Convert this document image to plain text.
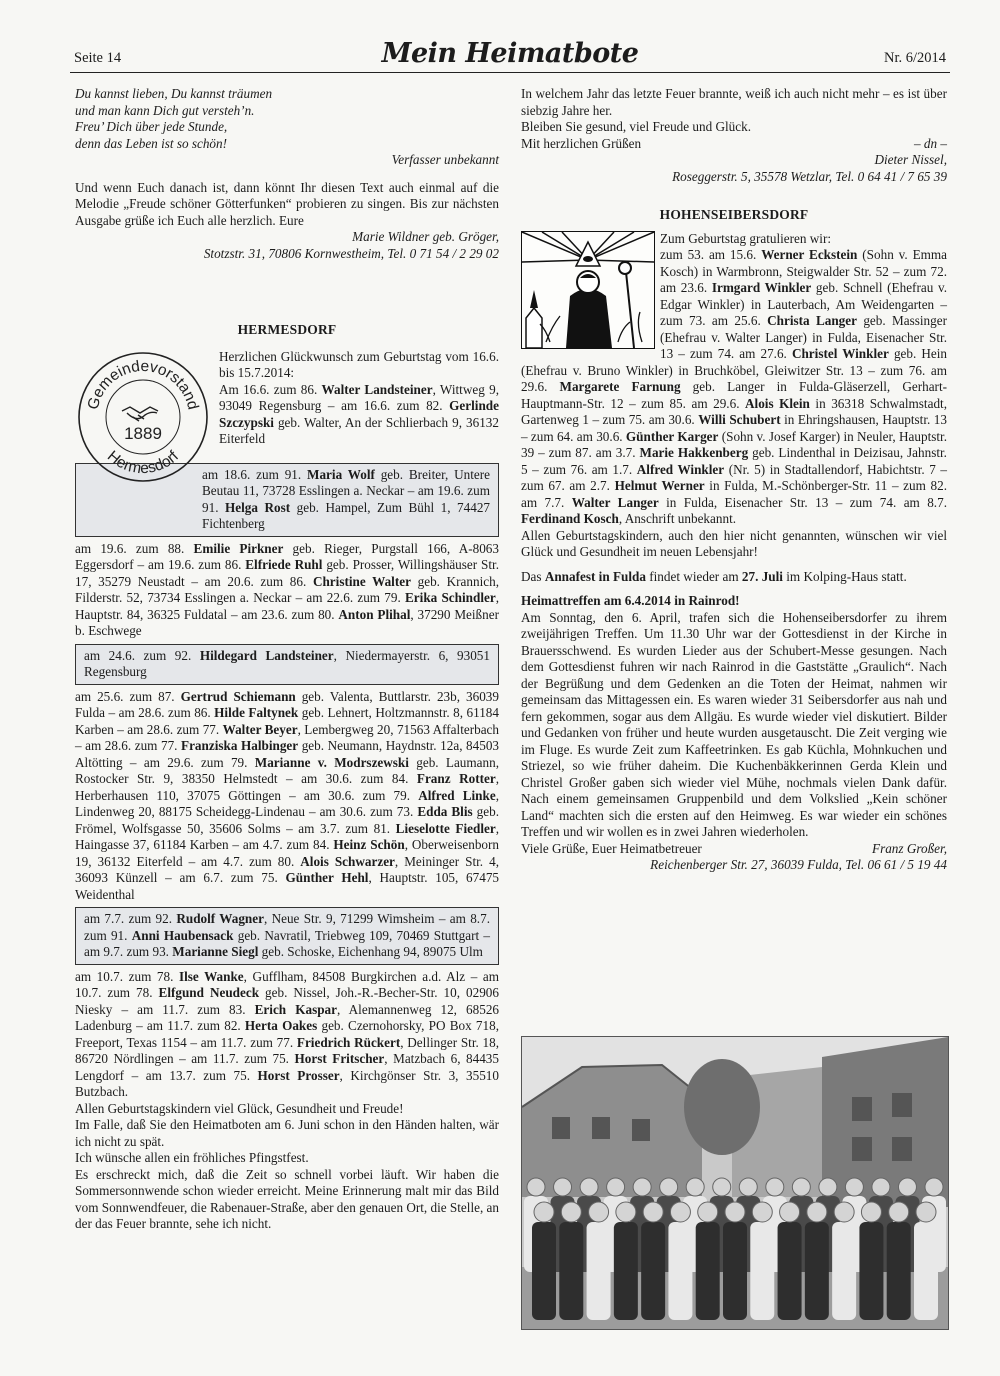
Seite 14	Mein Heimatbote	Nr. 6/2014

Du kannst lieben, Du kannst träumen

und man kann Dich gut versteh’n.

Freu’ Dich über jede Stunde,

denn das Leben ist so schön!

Verfasser unbekannt

Und wenn Euch danach ist, dann könnt Ihr diesen Text auch einmal auf die Melodie „Freude schöner Götterfunken“ probieren zu singen. Bis zur nächsten Ausgabe grüße ich Euch alle herzlich. Eure

Marie Wildner geb. Gröger,

Stotzstr. 31, 70806 Kornwestheim, Tel. 0 71 54 / 2 29 02

HERMESDORF

Gemeindevorstand
Hermesdorf
1889

Herzlichen Glückwunsch zum Geburtstag vom 16.6. bis 15.7.2014:

Am 16.6. zum 86. Walter Landsteiner, Wittweg 9, 93049 Regensburg – am 16.6. zum 82. Gerlinde Szczypski geb. Walter, An der Schlierbach 9, 36132 Eiterfeld

am 18.6. zum 91. Maria Wolf geb. Breiter, Untere Beutau 11, 73728 Esslingen a. Neckar – am 19.6. zum 91. Helga Rost geb. Hampel, Zum Bühl 1, 74427 Fichtenberg

am 19.6. zum 88. Emilie Pirkner geb. Rieger, Purgstall 166, A-8063 Eggersdorf – am 19.6. zum 86. Elfriede Ruhl geb. Prosser, Willingshäuser Str. 17, 35279 Neustadt – am 20.6. zum 86. Christine Walter geb. Krannich, Filderstr. 52, 73734 Esslingen a. Neckar – am 22.6. zum 79. Erika Schindler, Hauptstr. 84, 36325 Fuldatal – am 23.6. zum 80. Anton Plihal, 37290 Meißner b. Eschwege

am 24.6. zum 92. Hildegard Landsteiner, Niedermayerstr. 6, 93051 Regensburg

am 25.6. zum 87. Gertrud Schiemann geb. Valenta, Buttlarstr. 23b, 36039 Fulda – am 28.6. zum 86. Hilde Faltynek geb. Lehnert, Holtzmannstr. 8, 61184 Karben – am 28.6. zum 77. Walter Beyer, Lembergweg 20, 71563 Affalterbach – am 28.6. zum 77. Franziska Halbinger geb. Neumann, Haydnstr. 12a, 84503 Altötting – am 29.6. zum 79. Marianne v. Modrszewski geb. Laumann, Rostocker Str. 9, 38350 Helmstedt – am 30.6. zum 84. Franz Rotter, Herberhausen 110, 37075 Göttingen – am 30.6. zum 79. Alfred Linke, Lindenweg 20, 88175 Scheidegg-Lindenau – am 30.6. zum 73. Edda Blis geb. Frömel, Wolfsgasse 50, 35606 Solms – am 3.7. zum 81. Lieselotte Fiedler, Haingasse 37, 61184 Karben – am 4.7. zum 84. Heinz Schön, Oberweisenborn 19, 36132 Eiterfeld – am 4.7. zum 80. Alois Schwarzer, Meininger Str. 4, 36093 Künzell – am 6.7. zum 75. Günther Hehl, Hauptstr. 105, 67475 Weidenthal

am 7.7. zum 92. Rudolf Wagner, Neue Str. 9, 71299 Wimsheim – am 8.7. zum 91. Anni Haubensack geb. Navratil, Triebweg 109, 70469 Stuttgart – am 9.7. zum 93. Marianne Siegl geb. Schoske, Eichenhang 94, 89075 Ulm

am 10.7. zum 78. Ilse Wanke, Gufflham, 84508 Burgkirchen a.d. Alz – am 10.7. zum 78. Elfgund Neudeck geb. Nissel, Joh.-R.-Becher-Str. 10, 02906 Niesky – am 11.7. zum 83. Erich Kaspar, Alemannenweg 12, 68526 Ladenburg – am 11.7. zum 82. Herta Oakes geb. Czernohorsky, PO Box 718, Freeport, Texas 1154 – am 11.7. zum 77. Friedrich Rückert, Dellinger Str. 18, 86720 Nördlingen – am 11.7. zum 75. Horst Fritscher, Matzbach 6, 84435 Lengdorf – am 13.7. zum 75. Horst Prosser, Kirchgönser Str. 3, 35510 Butzbach.

Allen Geburtstagskindern viel Glück, Gesundheit und Freude!

Im Falle, daß Sie den Heimatboten am 6. Juni schon in den Händen halten, wär ich nicht zu spät.

Ich wünsche allen ein fröhliches Pfingstfest.

Es erschreckt mich, daß die Zeit so schnell vorbei läuft. Wir haben die Sommersonnwende schon wieder erreicht. Meine Erinnerung malt mir das Bild vom Sonnwendfeuer, die Rabenauer-Straße, aber den genauen Ort, die Stelle, an der das Feuer brannte, sehe ich nicht.

In welchem Jahr das letzte Feuer brannte, weiß ich auch nicht mehr – es ist über siebzig Jahre her.

Bleiben Sie gesund, viel Freude und Glück.

Mit herzlichen Grüßen	– dn –

Dieter Nissel,

Roseggerstr. 5, 35578 Wetzlar, Tel. 0 64 41 / 7 65 39

HOHENSEIBERSDORF

Zum Geburtstag gratulieren wir:
zum 53. am 15.6. Werner Eckstein (Sohn v. Emma Kosch) in Warmbronn, Steigwalder Str. 52 – zum 72. am 23.6. Irmgard Winkler geb. Schnell (Ehefrau v. Edgar Winkler) in Lauterbach, Am Weidengarten – zum 73. am 25.6. Christa Langer geb. Massinger (Ehefrau v. Walter Langer) in Fulda, Eisenacher Str. 13 – zum 74. am 27.6. Christel Winkler geb. Hein (Ehefrau v. Bruno Winkler) in Bruchköbel, Gleiwitzer Str. 13 – zum 76. am 29.6. Margarete Farnung geb. Langer in Fulda-Gläserzell, Gerhart-Hauptmann-Str. 12 – zum 85. am 29.6. Alois Klein in 36318 Schwalmstadt, Gartenweg 1 – zum 75. am 30.6. Willi Schubert in Ehringshausen, Hauptstr. 13 – zum 64. am 30.6. Günther Karger (Sohn v. Josef Karger) in Neuler, Hauptstr. 39 – zum 87. am 3.7. Marie Hakkenberg geb. Lindenthal in Deizisau, Jahnstr. 5 – zum 76. am 1.7. Alfred Winkler (Nr. 5) in Stadtallendorf, Habichtstr. 7 – zum 67. am 2.7. Helmut Werner in Fulda, M.-Schönberger-Str. 11 – zum 82. am 7.7. Walter Langer in Fulda, Eisenacher Str. 13 – zum 74. am 8.7. Ferdinand Kosch, Anschrift unbekannt.

Allen Geburtstagskindern, auch den hier nicht genannten, wünschen wir viel Glück und Gesundheit im neuen Lebensjahr!

Das Annafest in Fulda findet wieder am 27. Juli im Kolping-Haus statt.

Heimattreffen am 6.4.2014 in Rainrod!

Am Sonntag, den 6. April, trafen sich die Hohenseibersdorfer zu ihrem zweijährigen Treffen. Um 11.30 Uhr war der Gottesdienst in der Kirche in Brauersschwend. Es wurden Lieder aus der Schubert-Messe gesungen. Nach dem Gottesdienst fuhren wir nach Rainrod in die Gaststätte „Graulich“. Nach der Begrüßung und dem Gedenken an die Toten der Heimat, nahmen wir gemeinsam das Mittagessen ein. Es waren wieder 31 Seibersdorfer aus nah und fern gekommen, sogar aus dem Allgäu. Es wurde wieder viel diskutiert. Bilder und Gedanken von früher und heute wurden ausgetauscht. Die Zeit verging wie im Fluge. Es wurde Zeit zum Kaffeetrinken. Es gab Küchla, Mohnkuchen und Striezel, so wie früher daheim. Die Kuchenbäkkerinnen Gerda Klein und Christel Großer gaben sich wieder viel Mühe, nochmals vielen Dank dafür. Nach einem gemeinsamen Gruppenbild und dem Volkslied „Kein schöner Land“ machten sich die ersten auf den Heimweg. Es war wieder ein schönes Treffen und wir wollen es in zwei Jahren wiederholen.

Viele Grüße, Euer Heimatbetreuer	Franz Großer,

Reichenberger Str. 27, 36039 Fulda, Tel. 06 61 / 5 19 44
